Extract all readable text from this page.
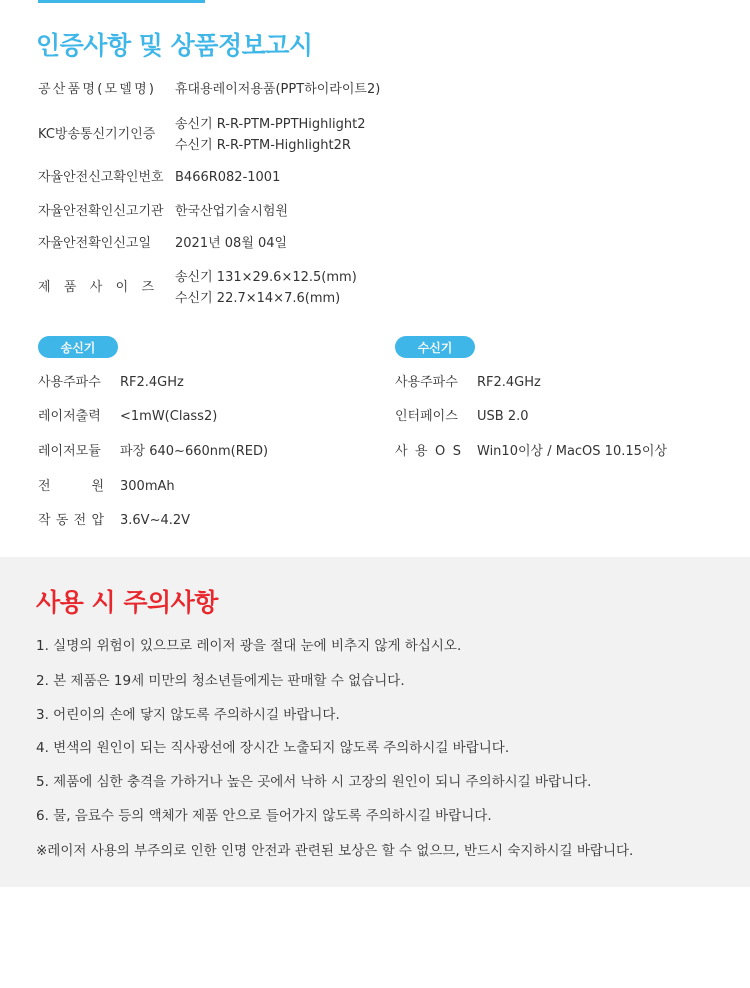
인증사항 및 상품정보고시
공 산 품 명 ( 모 델 명 ) 휴대용레이저용품(PPT하이라이트2)
KC방송통신기기인증
송신기 R-R-PTM-PPTHighlight2
수신기 R-R-PTM-Highlight2R
자율안전신고확인번호 B466R082-1001
자율안전확인신고기관 한국산업기술시험원
자율안전확인신고일	2021년 08월 04일
제 품 사 이 즈
송신기 131×29.6×12.5(mm)
수신기 22.7×14×7.6(mm)
송신기
사용주파수 RF2.4GHz
레이저출력 <1mW(Class2)
레이저모듈 파장 640~660nm(RED)
전	원 300mAh
작 동 전 압 3.6V~4.2V
수신기
사용주파수 RF2.4GHz
인터페이스 USB 2.0
사 용 O S Win10이상 / MacOS 10.15이상
사용 시 주의사항
1. 실명의 위험이 있으므로 레이저 광을 절대 눈에 비추지 않게 하십시오.
2. 본 제품은 19세 미만의 청소년들에게는 판매할 수 없습니다.
3. 어린이의 손에 닿지 않도록 주의하시길 바랍니다.
4. 변색의 원인이 되는 직사광선에 장시간 노출되지 않도록 주의하시길 바랍니다.
5. 제품에 심한 충격을 가하거나 높은 곳에서 낙하 시 고장의 원인이 되니 주의하시길 바랍니다.
6. 물, 음료수 등의 액체가 제품 안으로 들어가지 않도록 주의하시길 바랍니다.
※레이저 사용의 부주의로 인한 인명 안전과 관련된 보상은 할 수 없으므, 반드시 숙지하시길 바랍니다.
